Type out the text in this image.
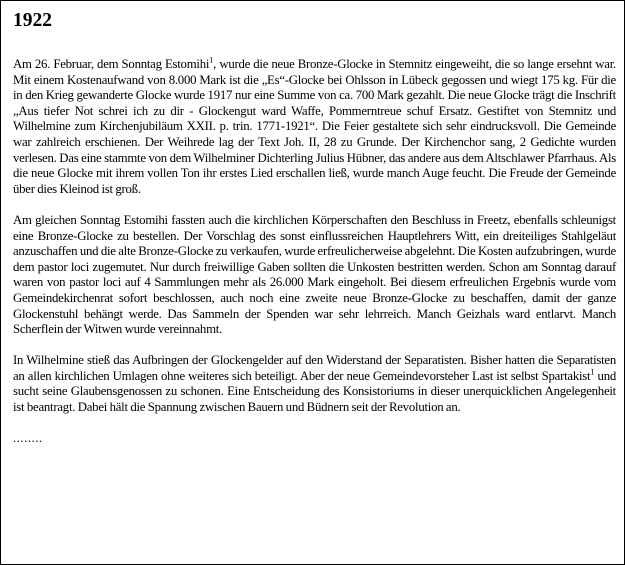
1922

Am 26. Februar, dem Sonntag Estomihi$^1$, wurde die neue Bronze-Glocke in Stemnitz eingeweiht, die so lange ersehnt war. Mit einem Kostenaufwand von 8.000 Mark ist die „Es“-Glocke bei Ohlsson in Lübeck gegossen und wiegt 175 kg. Für die in den Krieg gewanderte Glocke wurde 1917 nur eine Summe von ca. 700 Mark gezahlt. Die neue Glocke trägt die Inschrift „Aus tiefer Not schrei ich zu dir - Glockengut ward Waffe, Pommerntreue schuf Ersatz. Gestiftet von Stemnitz und Wilhelmine zum Kirchenjubiläum XXII. p. trin. 1771-1921“. Die Feier gestaltete sich sehr eindrucksvoll. Die Gemeinde war zahlreich erschienen. Der Weihrede lag der Text Joh. II, 28 zu Grunde. Der Kirchenchor sang, 2 Gedichte wurden verlesen. Das eine stammte von dem Wilhelminer Dichterling Julius Hübner, das andere aus dem Altschlawer Pfarrhaus. Als die neue Glocke mit ihrem vollen Ton ihr erstes Lied erschallen ließ, wurde manch Auge feucht. Die Freude der Gemeinde über dies Kleinod ist groß.

Am gleichen Sonntag Estomihi fassten auch die kirchlichen Körperschaften den Beschluss in Freetz, ebenfalls schleunigst eine Bronze-Glocke zu bestellen. Der Vorschlag des sonst einflussreichen Hauptlehrers Witt, ein dreiteiliges Stahlgeläut anzuschaffen und die alte Bronze-Glocke zu verkaufen, wurde erfreulicherweise abgelehnt. Die Kosten aufzubringen, wurde dem pastor loci zugemutet. Nur durch freiwillige Gaben sollten die Unkosten bestritten werden. Schon am Sonntag darauf waren von pastor loci auf 4 Sammlungen mehr als 26.000 Mark eingeholt. Bei diesem erfreulichen Ergebnis wurde vom Gemeindekirchenrat sofort beschlossen, auch noch eine zweite neue Bronze-Glocke zu beschaffen, damit der ganze Glockenstuhl behängt werde. Das Sammeln der Spenden war sehr lehrreich. Manch Geizhals ward entlarvt. Manch Scherflein der Witwen wurde vereinnahmt.

In Wilhelmine stieß das Aufbringen der Glockengelder auf den Widerstand der Separatisten. Bisher hatten die Separatisten an allen kirchlichen Umlagen ohne weiteres sich beteiligt. Aber der neue Gemeindevorsteher Last ist selbst Spartakist$^1$ und sucht seine Glaubensgenossen zu schonen. Eine Entscheidung des Konsistoriums in dieser unerquicklichen Angelegenheit ist beantragt. Dabei hält die Spannung zwischen Bauern und Büdnern seit der Revolution an.

........
